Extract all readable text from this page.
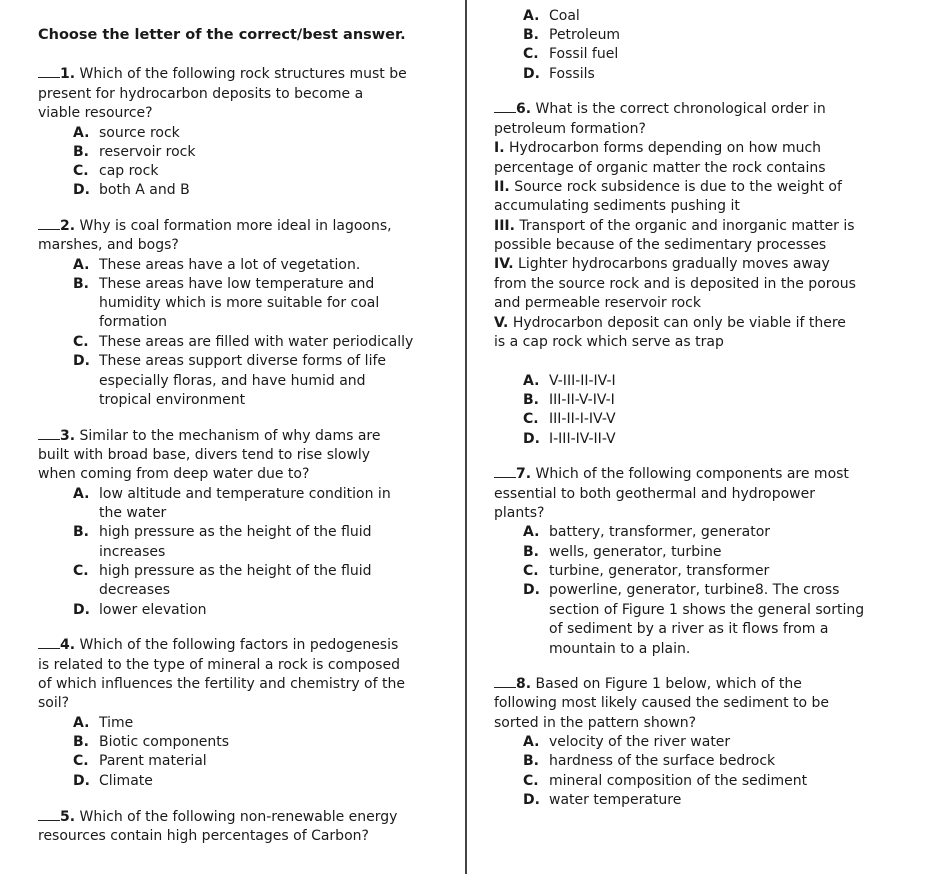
Choose the letter of the correct/best answer.
1. Which of the following rock structures must be
present for hydrocarbon deposits to become a
viable resource?
A. source rock
B. reservoir rock
C. cap rock
D. both A and B
2. Why is coal formation more ideal in lagoons,
marshes, and bogs?
A. These areas have a lot of vegetation.
B. These areas have low temperature and
humidity which is more suitable for coal
formation
C. These areas are filled with water periodically
D. These areas support diverse forms of life
especially floras, and have humid and
tropical environment
3. Similar to the mechanism of why dams are
built with broad base, divers tend to rise slowly
when coming from deep water due to?
A. low altitude and temperature condition in
the water
B. high pressure as the height of the fluid
increases
C. high pressure as the height of the fluid
decreases
D. lower elevation
4. Which of the following factors in pedogenesis
is related to the type of mineral a rock is composed
of which influences the fertility and chemistry of the
soil?
A. Time
B. Biotic components
C. Parent material
D. Climate
5. Which of the following non-renewable energy
resources contain high percentages of Carbon?
A. Coal
B. Petroleum
C. Fossil fuel
D. Fossils
6. What is the correct chronological order in
petroleum formation?
I. Hydrocarbon forms depending on how much
percentage of organic matter the rock contains
II. Source rock subsidence is due to the weight of
accumulating sediments pushing it
III. Transport of the organic and inorganic matter is
possible because of the sedimentary processes
IV. Lighter hydrocarbons gradually moves away
from the source rock and is deposited in the porous
and permeable reservoir rock
V. Hydrocarbon deposit can only be viable if there
is a cap rock which serve as trap
A. V-III-II-IV-I
B. III-II-V-IV-I
C. III-II-I-IV-V
D. I-III-IV-II-V
7. Which of the following components are most
essential to both geothermal and hydropower
plants?
A. battery, transformer, generator
B. wells, generator, turbine
C. turbine, generator, transformer
D. powerline, generator, turbine8. The cross
section of Figure 1 shows the general sorting
of sediment by a river as it flows from a
mountain to a plain.
8. Based on Figure 1 below, which of the
following most likely caused the sediment to be
sorted in the pattern shown?
A. velocity of the river water
B. hardness of the surface bedrock
C. mineral composition of the sediment
D. water temperature
